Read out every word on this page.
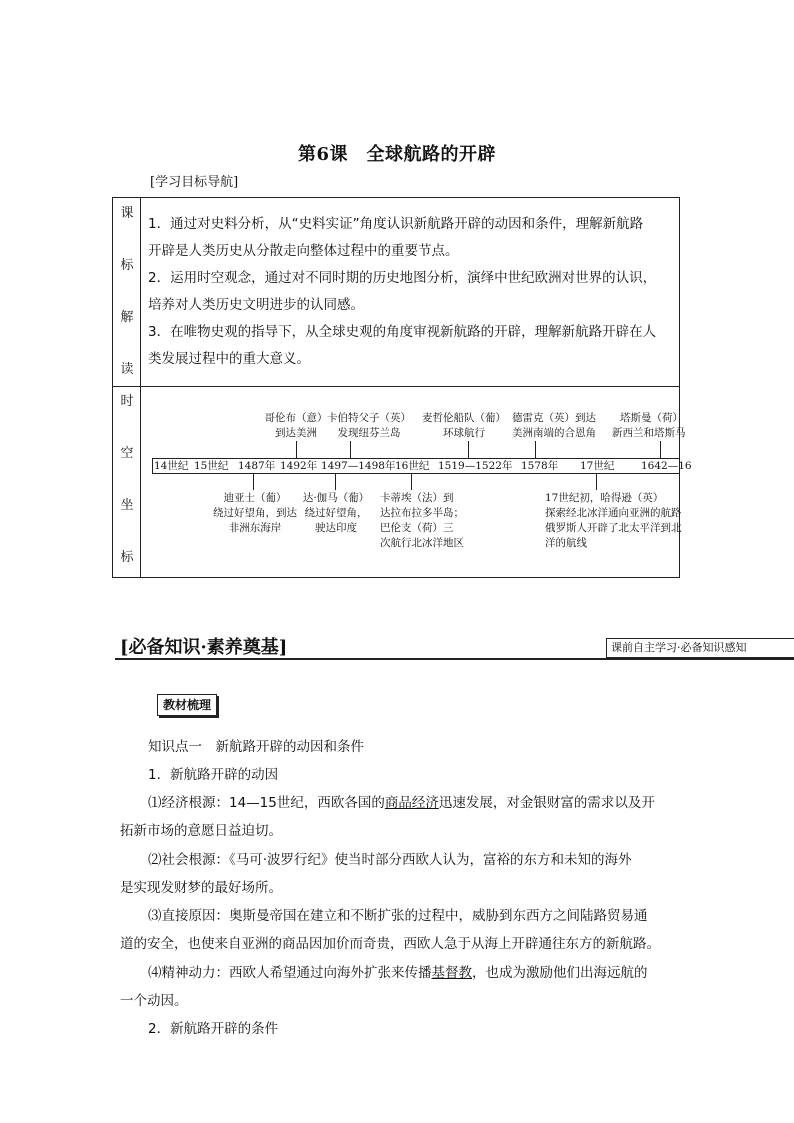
第6课　全球航路的开辟
[学习目标导航]
课
标
解
读
时
空
坐
标
1．通过对史料分析，从“史料实证”角度认识新航路开辟的动因和条件，理解新航路
开辟是人类历史从分散走向整体过程中的重要节点。
2．运用时空观念，通过对不同时期的历史地图分析，演绎中世纪欧洲对世界的认识，
培养对人类历史文明进步的认同感。
3．在唯物史观的指导下，从全球史观的角度审视新航路的开辟，理解新航路开辟在人
类发展过程中的重大意义。
14世纪 15世纪 1487年 1492年 1497—1498年 16世纪 1519—1522年 1578年 17世纪	1642—16
哥伦布（意）
到达美洲
卡伯特父子（英）
发现纽芬兰岛
麦哲伦船队（葡）
环球航行
德雷克（英）到达
美洲南端的合恩角
塔斯曼（荷）
新西兰和塔斯马
迪亚士（葡）
绕过好望角，到达
非洲东海岸
达·伽马（葡）
绕过好望角，
驶达印度
卡蒂埃（法）到
达拉布拉多半岛；
巴伦支（荷）三
次航行北冰洋地区
17世纪初，哈得逊（英）
探索经北冰洋通向亚洲的航路
俄罗斯人开辟了北太平洋到北
洋的航线
[必备知识·素养奠基]	课前自主学习·必备知识感知
教材梳理
知识点一　新航路开辟的动因和条件
1．新航路开辟的动因
⑴经济根源：14—15世纪，西欧各国的商品经济迅速发展，对金银财富的需求以及开
拓新市场的意愿日益迫切。
⑵社会根源：《马可·波罗行纪》使当时部分西欧人认为，富裕的东方和未知的海外
是实现发财梦的最好场所。
⑶直接原因：奥斯曼帝国在建立和不断扩张的过程中，威胁到东西方之间陆路贸易通
道的安全，也使来自亚洲的商品因加价而奇贵，西欧人急于从海上开辟通往东方的新航路。
⑷精神动力：西欧人希望通过向海外扩张来传播基督教，也成为激励他们出海远航的
一个动因。
2．新航路开辟的条件
